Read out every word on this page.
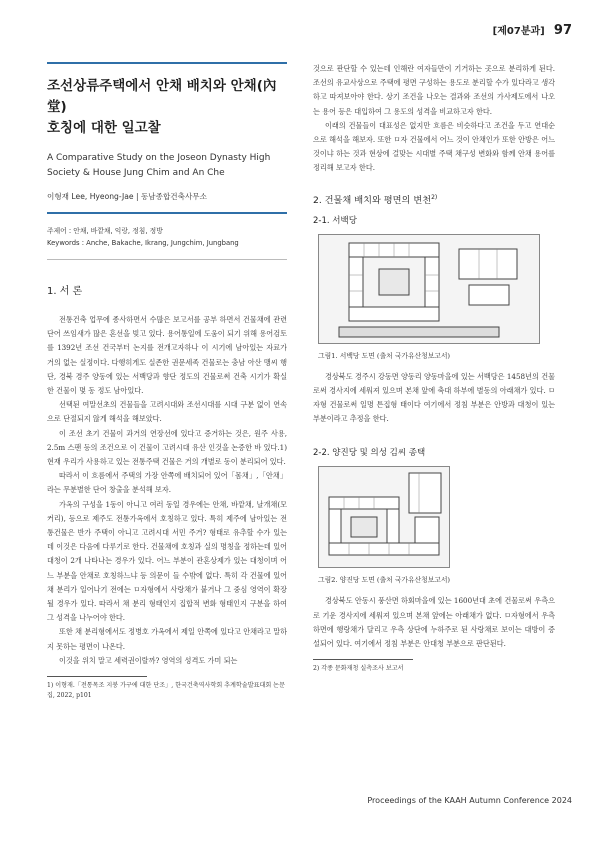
[제07분과] 97
조선상류주택에서 안채 배치와 안채(內堂)
호칭에 대한 일고찰
A Comparative Study on the Joseon Dynasty High
Society & House Jung Chim and An Che
이형재 Lee, Hyeong-Jae | 동남종합건축사무소
주제어 : 안채, 바깥채, 익랑, 정침, 정방
Keywords : Anche, Bakache, Ikrang, Jungchim, Jungbang
1. 서 론

전통건축 업무에 종사하면서 수많은 보고서를 공부 하면서 건물채에 관련 단어 쓰임새가 많은 혼선을 빚고 있다. 용어통일에 도움이 되기 위해 용어검토를 1392년 조선 건국부터 논지를 전개고자하나 이 시기에 남아있는 자료가 거의 없는 실정이다. 다행히게도 실존한 권문세족 건물로는 충남 아산 맹씨 행단, 경북 경주 양동에 있는 서백당과 향단 정도의 건물로써 건축 시기가 확실한 건물이 몇 동 정도 남아있다.

선택된 여말선초의 건물들을 고려시대와 조선시대를 시대 구분 없이 연속으로 단절되지 않게 해석을 해보았다.

이 조선 초기 건물이 과거의 연장선에 있다고 증거하는 것은, 원주 사용, 2.5m 스팬 등의 조건으로 이 건물이 고려시대 유산 인것을 논증한 바 있다.1) 현재 우리가 사용하고 있는 전통주택 건물은 거의 개별로 동이 분리되어 있다.

따라서 이 흐름에서 주택의 가장 안쪽에 배치되어 있어「몸채」,「안채」라는 무분별한 단어 창출을 분석해 보자.

가옥의 구성을 1동이 아니고 여러 동일 경우에는 안채, 바깥채, 날개채(모커리), 등으로 제주도 전통가옥에서 호칭하고 있다. 특히 제주에 남아있는 전통건물은 반가 주택이 아니고 고려시대 서민 주거? 형태로 유추할 수가 있는데 이것은 다음에 다루기로 한다. 건물채에 호칭과 실의 명칭을 정하는데 있어 대청이 2개 나타나는 경우가 있다. 어느 부분이 관혼상제가 있는 대청이며 어느 부분을 안채로 호칭하느냐 등 의문이 들 수밖에 없다. 특히 각 건물에 있어 채 분리가 일어나기 전에는 ㅁ자형에서 사랑채가 붙거나 그 중심 영역이 확장될 경우가 있다. 따라서 채 분리 형태인지 집합적 변화 형태인지 구분을 하여 그 성격을 나누어야 한다.

또한 채 분리형에서도 정병호 가옥에서 제일 안쪽에 있다고 안채라고 말하지 못하는 평면이 나온다.

이것을 위치 말고 세력권이랄까? 영역의 성격도 가미 되는

1) 이형재.「전통목조 지붕 가구에 대한 단조」, 한국건축역사학회 추계학술발표대회 논문집, 2022, p101

것으로 판단할 수 있는데 인해란 여자들만이 기거하는 곳으로 분리하게 된다. 조선의 유교사상으로 주택에 평면 구성하는 용도로 분리할 수가 있다라고 생각하고 따져보아야 한다. 상기 조건을 나오는 결과와 조선의 가사제도에서 나오는 용어 등은 대입하여 그 용도의 성격을 비교하고자 한다.

이래의 건물들이 대표성은 없지만 흐름은 비슷하다고 조건을 두고 연대순으로 해석을 해보자. 또한 ㅁ자 건물에서 어느 것이 안채인가 또한 안방은 어느것이냐 하는 것과 현상에 걸맞는 시대별 주택 채구성 변화와 함께 안채 용어를 정리해 보고자 한다.

2. 건물채 배치와 평면의 변천$^{2)}$
2-1. 서백당
그림1. 서백당 도면 (출처 국가유산청보고서)

경상북도 경주시 강동면 양동리 양동마을에 있는 서백당은 1458년의 건물로써 경사지에 세워져 있으며 본채 앞에 축대 하부에 별동의 아래채가 있다. ㅁ자형 건물로써 일명 튼집형 태이다 여기에서 정침 부분은 안방과 대청이 있는 부분이라고 추정을 한다.

2-2. 양진당 및 의성 김씨 종택
그림2. 양진당 도면 (출처 국가유산청보고서)

경상북도 안동시 풍산면 하회마을에 있는 1600년대 초에 건물로써 우측으로 기운 경사지에 세워져 있으며 본채 앞에는 아래채가 없다. ㅁ자형에서 우측 하면에 행랑채가 달리고 우측 상단에 누하주로 된 사랑채로 보이는 대방이 증설되어 있다. 여기에서 정침 부분은 안대청 부분으로 판단된다.

2) 각종 문화재청 실측조사 보고서
Proceedings of the KAAH Autumn Conference 2024
